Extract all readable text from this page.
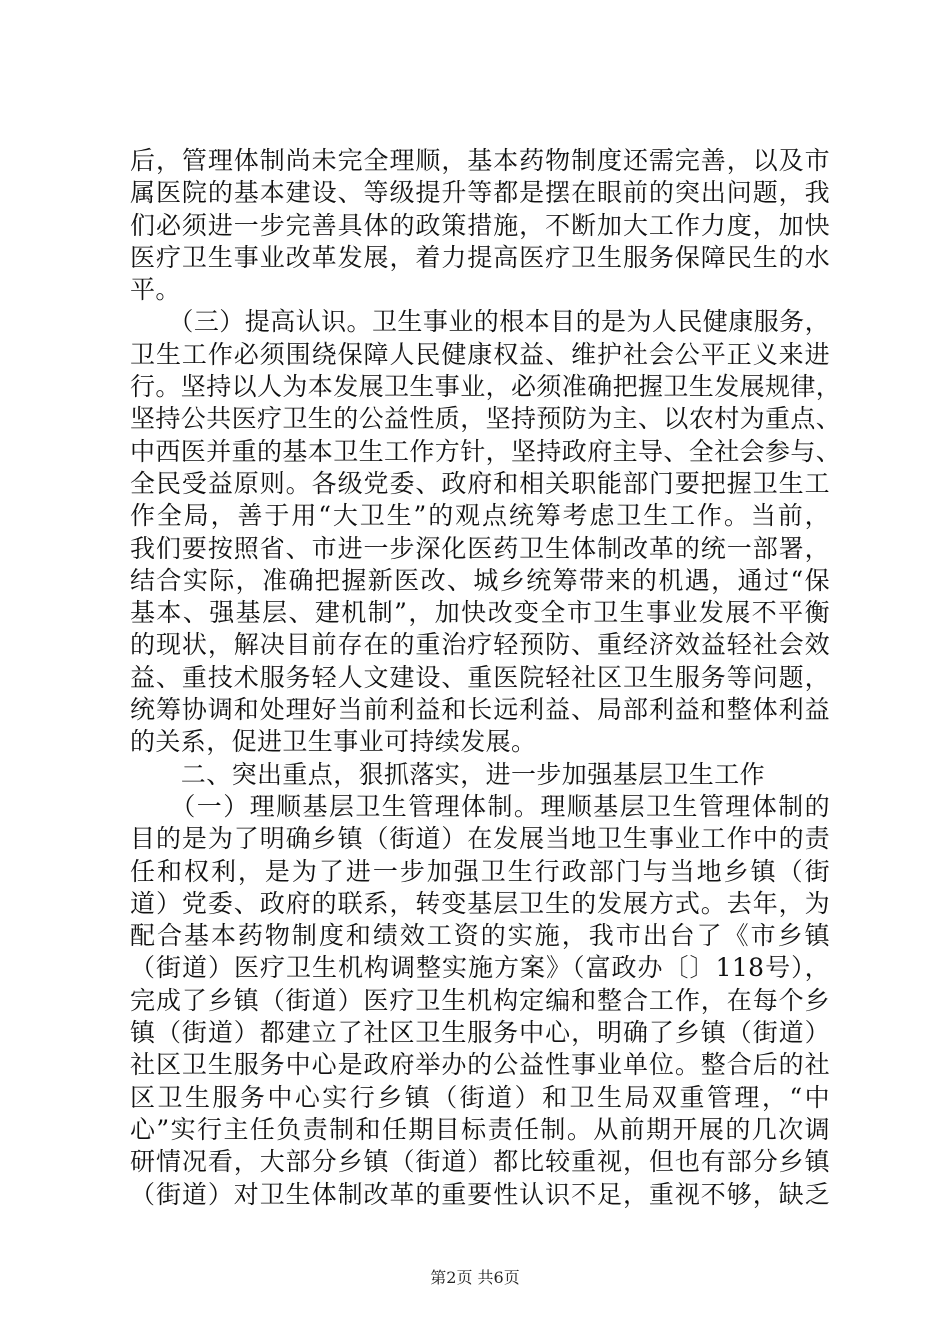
后，管理体制尚未完全理顺，基本药物制度还需完善，以及市
属医院的基本建设、等级提升等都是摆在眼前的突出问题，我
们必须进一步完善具体的政策措施，不断加大工作力度，加快
医疗卫生事业改革发展，着力提高医疗卫生服务保障民生的水
平。
　　（三）提高认识。卫生事业的根本目的是为人民健康服务，
卫生工作必须围绕保障人民健康权益、维护社会公平正义来进
行。坚持以人为本发展卫生事业，必须准确把握卫生发展规律，
坚持公共医疗卫生的公益性质，坚持预防为主、以农村为重点、
中西医并重的基本卫生工作方针，坚持政府主导、全社会参与、
全民受益原则。各级党委、政府和相关职能部门要把握卫生工
作全局，善于用“大卫生”的观点统筹考虑卫生工作。当前，
我们要按照省、市进一步深化医药卫生体制改革的统一部署，
结合实际，准确把握新医改、城乡统筹带来的机遇，通过“保
基本、强基层、建机制”，加快改变全市卫生事业发展不平衡
的现状，解决目前存在的重治疗轻预防、重经济效益轻社会效
益、重技术服务轻人文建设、重医院轻社区卫生服务等问题，
统筹协调和处理好当前利益和长远利益、局部利益和整体利益
的关系，促进卫生事业可持续发展。
　　二、突出重点，狠抓落实，进一步加强基层卫生工作
　　（一）理顺基层卫生管理体制。理顺基层卫生管理体制的
目的是为了明确乡镇（街道）在发展当地卫生事业工作中的责
任和权利，是为了进一步加强卫生行政部门与当地乡镇（街
道）党委、政府的联系，转变基层卫生的发展方式。去年，为
配合基本药物制度和绩效工资的实施，我市出台了《市乡镇
（街道）医疗卫生机构调整实施方案》（富政办〔〕118号），
完成了乡镇（街道）医疗卫生机构定编和整合工作，在每个乡
镇（街道）都建立了社区卫生服务中心，明确了乡镇（街道）
社区卫生服务中心是政府举办的公益性事业单位。整合后的社
区卫生服务中心实行乡镇（街道）和卫生局双重管理，“中
心”实行主任负责制和任期目标责任制。从前期开展的几次调
研情况看，大部分乡镇（街道）都比较重视，但也有部分乡镇
（街道）对卫生体制改革的重要性认识不足，重视不够，缺乏
第2页 共6页
